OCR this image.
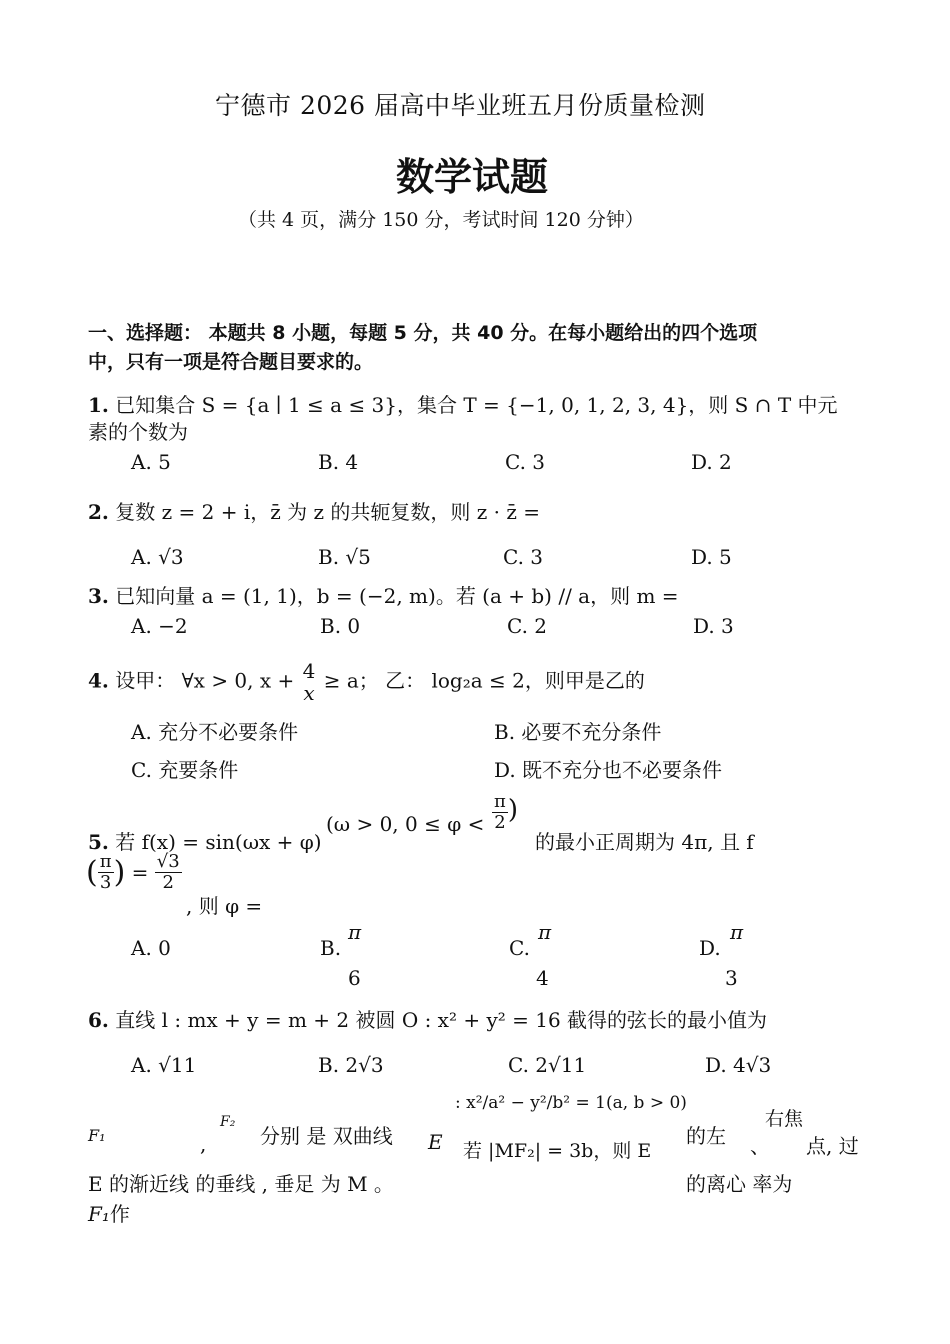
宁德市 2026 届高中毕业班五月份质量检测
数学试题
（共 4 页，满分 150 分，考试时间 120 分钟）
一、选择题： 本题共 8 小题，每题 5 分，共 40 分。在每小题给出的四个选项
中，只有一项是符合题目要求的。
1. 已知集合 S = {a ∣ 1 ≤ a ≤ 3}，集合 T = {−1, 0, 1, 2, 3, 4}，则 S ∩ T 中元
素的个数为
A. 5	B. 4	C. 3	D. 2
2. 复数 z = 2 + i，z̄ 为 z 的共轭复数，则 z · z̄ =
A. √3	B. √5	C. 3	D. 5
3. 已知向量 a = (1, 1)，b = (−2, m)。若 (a + b) // a，则 m =
A. −2	B. 0	C. 2	D. 3
4. 设甲： ∀x > 0, x + 4
x
≥ a； 乙： log₂a ≤ 2，则甲是乙的
A. 充分不必要条件	B. 必要不充分条件
C. 充要条件	D. 既不充分也不必要条件
5. 若 f(x) = sin(ωx + φ)
(ω > 0, $0 \le \varphi < \frac{\pi}{2}$ )
的最小正周期为 4π, 且 f
( $\frac{\pi}{3}$ ) = $\frac{√3}{2}$
, 则 φ =
A. 0	B.
π
6
C.
π
4
D.
π
3
6. 直线 l : mx + y = m + 2 被圆 O : x² + y² = 16 截得的弦长的最小值为
A. √11	B. 2√3	C. 2√11	D. 4√3
F₁	,
F₂
分别 是 双曲线 E
: x²/a² − y²/b² = 1(a, b > 0)
若 |MF₂| = 3b，则 E
的左 、
右焦
点, 过
E 的渐近线 的垂线 , 垂足 为 M 。	的离心 率为
F₁作
